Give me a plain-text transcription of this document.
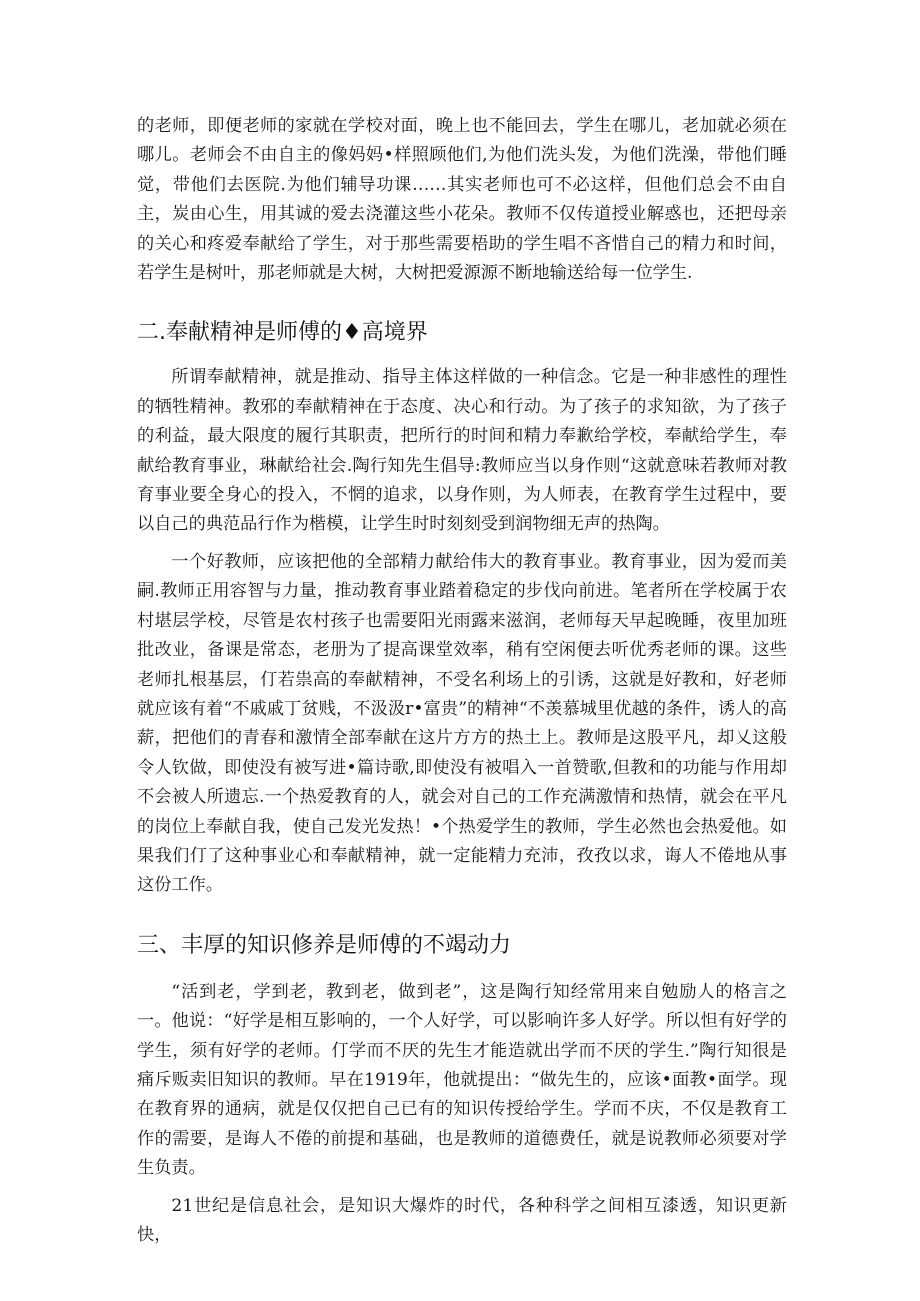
的老师，即便老师的家就在学校对面，晚上也不能回去，学生在哪儿，老加就必须在哪儿。老师会不由自主的像妈妈•样照顾他们,为他们洗头发，为他们洗澡，带他们睡觉，带他们去医院.为他们辅导功课……其实老师也可不必这样，但他们总会不由自主，炭由心生，用其诚的爱去浇灌这些小花朵。教师不仅传道授业解惑也，还把母亲的关心和疼爱奉献给了学生，对于那些需要梧助的学生唱不吝惜自己的精力和时间，若学生是树叶，那老师就是大树，大树把爱源源不断地输送给每一位学生.

二.奉献精神是师傅的♦高境界

所谓奉献精神，就是推动、指导主体这样做的一种信念。它是一种非感性的理性的牺牲精神。教邪的奉献精神在于态度、决心和行动。为了孩子的求知欲，为了孩子的利益，最大限度的履行其职责，把所行的时间和精力奉歉给学校，奉献给学生，奉献给教育事业，琳献给社会.陶行知先生倡导:教师应当以身作则“这就意味若教师对教育事业要全身心的投入，不惘的追求，以身作则，为人师表，在教育学生过程中，要以自己的典范品行作为楷模，让学生时时刻刻受到润物细无声的热陶。

一个好教师，应该把他的全部精力献给伟大的教育事业。教育事业，因为爱而美嗣.教师正用容智与力量，推动教育事业踏着稳定的步伐向前进。笔者所在学校属于农村堪层学校，尽管是农村孩子也需要阳光雨露来滋润，老师每天早起晚睡，夜里加班批改业，备课是常态，老册为了提高课堂效率，稍有空闲便去听优秀老师的课。这些老师扎根基层，仃若祟高的奉献精神，不受名利场上的引诱，这就是好教和，好老师就应该有着“不戚戚丁贫贱，不汲汲r•富贵”的精神“不羡慕城里优越的条件，诱人的高薪，把他们的青春和激情全部奉献在这片方方的热土上。教师是这股平凡，却乂这般令人钦做，即使没有被写进•篇诗歌,即使没有被唱入一首赞歌,但教和的功能与作用却不会被人所遗忘.一个热爱教育的人，就会对自己的工作充满激情和热情，就会在平凡的岗位上奉献自我，使自己发光发热！•个热爱学生的教师，学生必然也会热爱他。如果我们仃了这种事业心和奉献精神，就一定能精力充沛，孜孜以求，诲人不倦地从事这份工作。

三、丰厚的知识修养是师傅的不竭动力

“活到老，学到老，教到老，做到老”，这是陶行知经常用来自勉励人的格言之一。他说：“好学是相互影响的，一个人好学，可以影响许多人好学。所以怛有好学的学生，须有好学的老师。仃学而不厌的先生才能造就出学而不厌的学生.”陶行知很是痛斥贩卖旧知识的教师。早在1919年，他就提出：“做先生的，应该•面教•面学。现在教育界的通病，就是仅仅把自己已有的知识传授给学生。学而不庆，不仅是教育工作的需要，是诲人不倦的前提和基础，也是教师的道德费任，就是说教师必须要对学生负责。

21世纪是信息社会，是知识大爆炸的时代，各种科学之间相互漆透，知识更新快，
